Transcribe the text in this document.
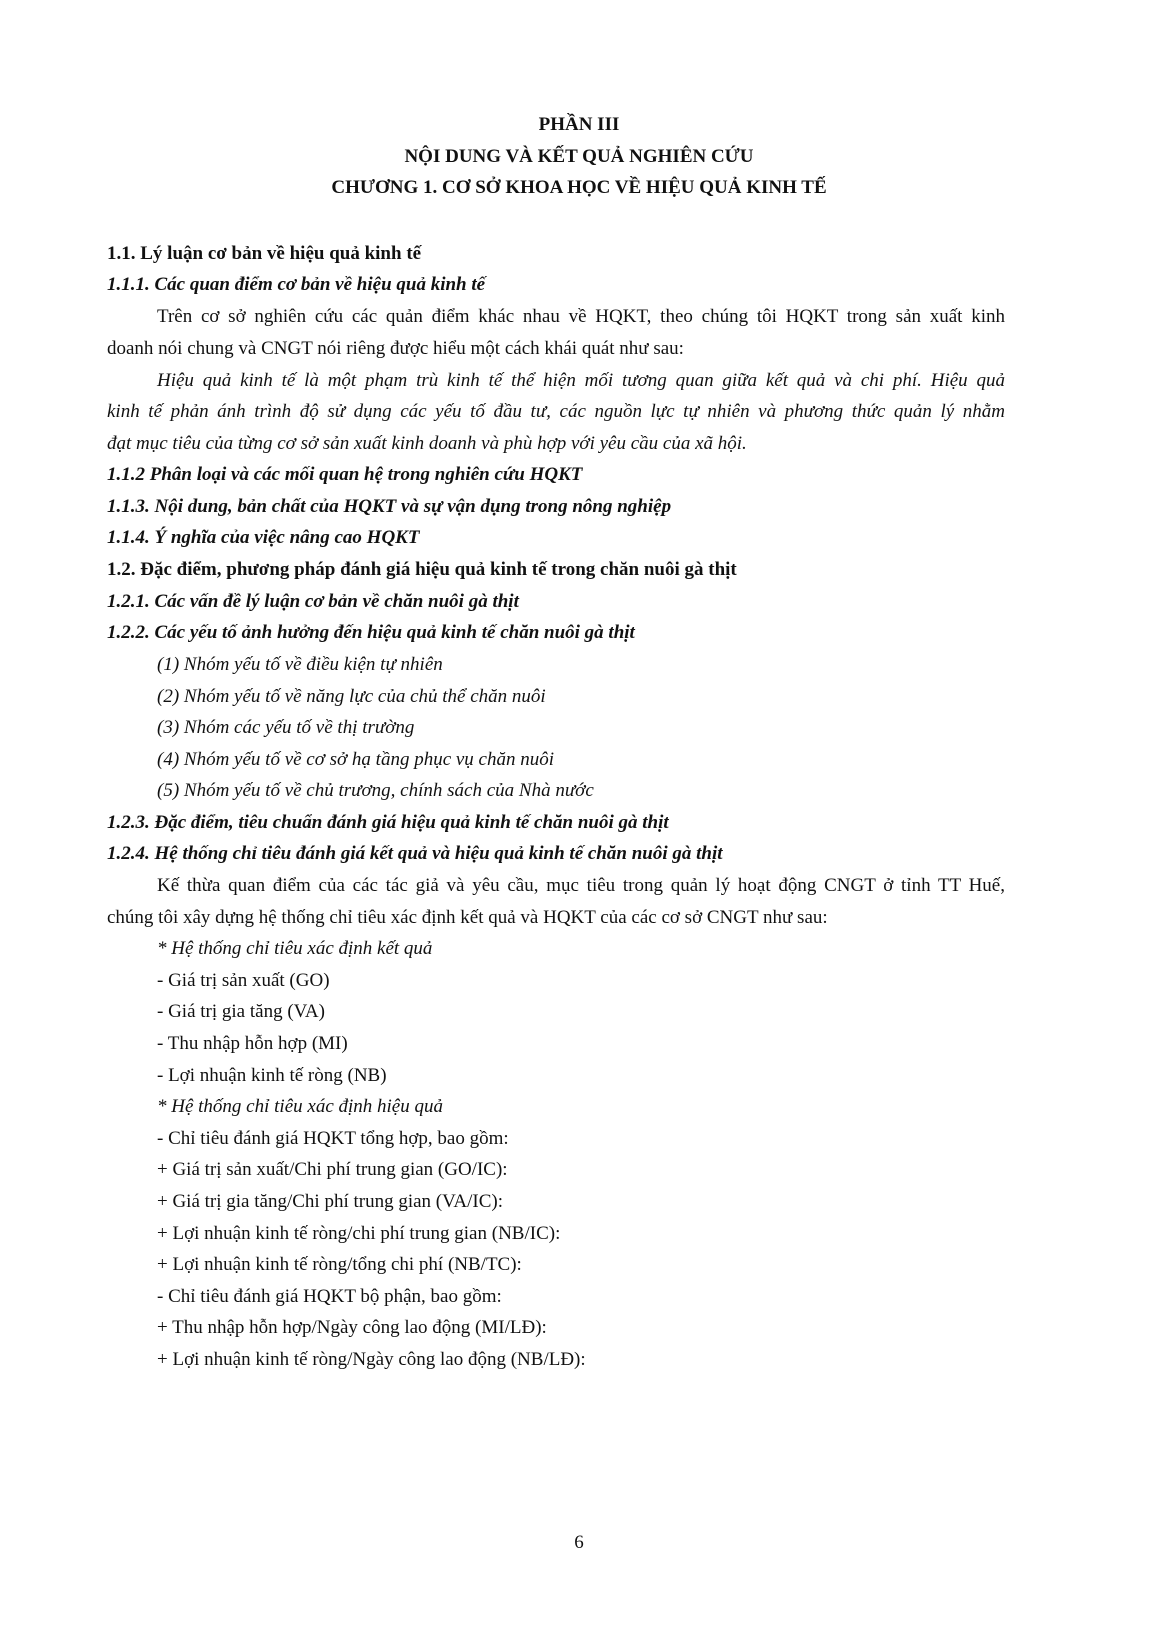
PHẦN III
NỘI DUNG VÀ KẾT QUẢ NGHIÊN CỨU
CHƯƠNG 1. CƠ SỞ KHOA HỌC VỀ HIỆU QUẢ KINH TẾ
1.1. Lý luận cơ bản về hiệu quả kinh tế
1.1.1. Các quan điểm cơ bản về hiệu quả kinh tế
Trên cơ sở nghiên cứu các quản điểm khác nhau về HQKT, theo chúng tôi HQKT trong sản xuất kinh
doanh nói chung và CNGT nói riêng được hiểu một cách khái quát như sau:
Hiệu quả kinh tế là một phạm trù kinh tế thể hiện mối tương quan giữa kết quả và chi phí. Hiệu quả
kinh tế phản ánh trình độ sử dụng các yếu tố đầu tư, các nguồn lực tự nhiên và phương thức quản lý nhằm
đạt mục tiêu của từng cơ sở sản xuất kinh doanh và phù hợp với yêu cầu của xã hội.
1.1.2 Phân loại và các mối quan hệ trong nghiên cứu HQKT
1.1.3. Nội dung, bản chất của HQKT và sự vận dụng trong nông nghiệp
1.1.4. Ý nghĩa của việc nâng cao HQKT
1.2. Đặc điểm, phương pháp đánh giá hiệu quả kinh tế trong chăn nuôi gà thịt
1.2.1. Các vấn đề lý luận cơ bản về chăn nuôi gà thịt
1.2.2. Các yếu tố ảnh hưởng đến hiệu quả kinh tế chăn nuôi gà thịt
(1) Nhóm yếu tố về điều kiện tự nhiên
(2) Nhóm yếu tố về năng lực của chủ thể chăn nuôi
(3) Nhóm các yếu tố về thị trường
(4) Nhóm yếu tố về cơ sở hạ tầng phục vụ chăn nuôi
(5) Nhóm yếu tố về chủ trương, chính sách của Nhà nước
1.2.3. Đặc điểm, tiêu chuẩn đánh giá hiệu quả kinh tế chăn nuôi gà thịt
1.2.4. Hệ thống chỉ tiêu đánh giá kết quả và hiệu quả kinh tế chăn nuôi gà thịt
Kế thừa quan điểm của các tác giả và yêu cầu, mục tiêu trong quản lý hoạt động CNGT ở tỉnh TT Huế,
chúng tôi xây dựng hệ thống chỉ tiêu xác định kết quả và HQKT của các cơ sở CNGT như sau:
* Hệ thống chỉ tiêu xác định kết quả
- Giá trị sản xuất (GO)
- Giá trị gia tăng (VA)
- Thu nhập hỗn hợp (MI)
- Lợi nhuận kinh tế ròng (NB)
* Hệ thống chỉ tiêu xác định hiệu quả
- Chỉ tiêu đánh giá HQKT tổng hợp, bao gồm:
+ Giá trị sản xuất/Chi phí trung gian (GO/IC):
+ Giá trị gia tăng/Chi phí trung gian (VA/IC):
+ Lợi nhuận kinh tế ròng/chi phí trung gian (NB/IC):
+ Lợi nhuận kinh tế ròng/tổng chi phí (NB/TC):
- Chỉ tiêu đánh giá HQKT bộ phận, bao gồm:
+ Thu nhập hỗn hợp/Ngày công lao động (MI/LĐ):
+ Lợi nhuận kinh tế ròng/Ngày công lao động (NB/LĐ):
6
